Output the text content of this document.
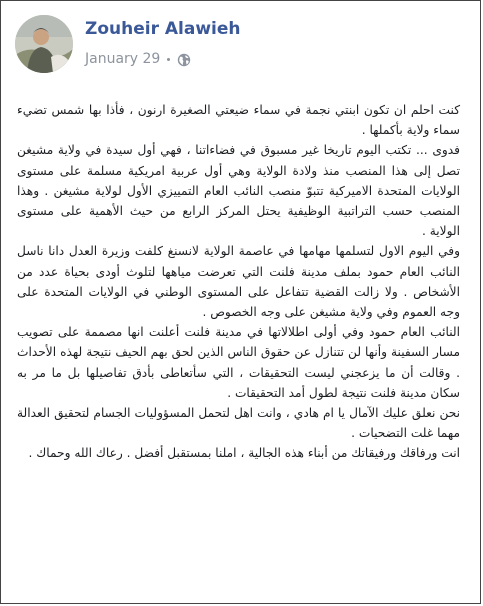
Zouheir Alawieh
January 29

كنت احلم ان تكون ابنتي نجمة في سماء ضيعتي الصغيرة ارنون ، فأذا بها شمس تضيء سماء ولاية بأكملها .

فدوى ... تكتب اليوم تاريخا غير مسبوق في فضاءاتنا ، فهي أول سيدة في ولاية مشيغن تصل إلى هذا المنصب منذ ولادة الولاية وهي أول عربية امريكية مسلمة على مستوى الولايات المتحدة الاميركية تتبوّ منصب النائب العام التمييزي الأول لولاية مشيغن . وهذا المنصب حسب التراتبية الوظيفية يحتل المركز الرابع من حيث الأهمية على مستوى الولاية .

وفي اليوم الاول لتسلمها مهامها في عاصمة الولاية لانسنغ كلفت وزيرة العدل دانا ناسل النائب العام حمود بملف مدينة فلنت التي تعرضت مياهها لتلوث أودى بحياة عدد من الأشخاص . ولا زالت القضية تتفاعل على المستوى الوطني في الولايات المتحدة على وجه العموم وفي ولاية مشيغن على وجه الخصوص .

النائب العام حمود وفي أولى اطلالاتها في مدينة فلنت أعلنت انها مصممة على تصويب مسار السفينة وأنها لن تتنازل عن حقوق الناس الذين لحق بهم الحيف نتيجة لهذه الأحداث . وقالت أن ما يزعجني ليست التحقيقات ، التي سأتعاطى بأدق تفاصيلها بل ما مر به سكان مدينة فلنت نتيجة لطول أمد التحقيقات .

نحن نعلق عليك الآمال يا ام هادي ، وانت اهل لتحمل المسؤوليات الجسام لتحقيق العدالة مهما غلت التضحيات .

انت ورفاقك ورفيقاتك من أبناء هذه الجالية ، املنا بمستقبل أفضل . رعاك الله وحماك .
